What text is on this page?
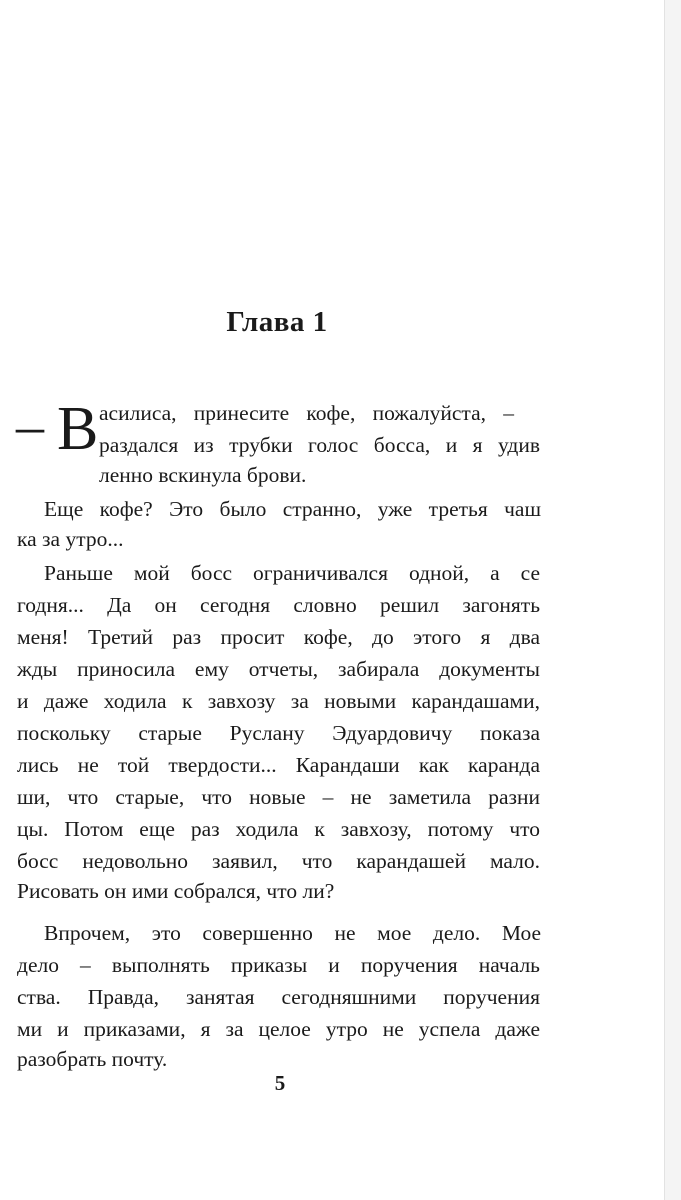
Глава 1
– В асилиса, принесите кофе, пожалуйста, –
раздался из трубки голос босса, и я удив
ленно вскинула брови.
Еще кофе? Это было странно, уже третья чаш
ка за утро...
Раньше мой босс ограничивался одной, а се
годня... Да он сегодня словно решил загонять
меня! Третий раз просит кофе, до этого я два
жды приносила ему отчеты, забирала документы
и даже ходила к завхозу за новыми карандашами,
поскольку старые Руслану Эдуардовичу показа
лись не той твердости... Карандаши как каранда
ши, что старые, что новые – не заметила разни
цы. Потом еще раз ходила к завхозу, потому что
босс недовольно заявил, что карандашей мало.
Рисовать он ими собрался, что ли?
Впрочем, это совершенно не мое дело. Мое
дело – выполнять приказы и поручения началь
ства. Правда, занятая сегодняшними поручения
ми и приказами, я за целое утро не успела даже
разобрать почту.
5
